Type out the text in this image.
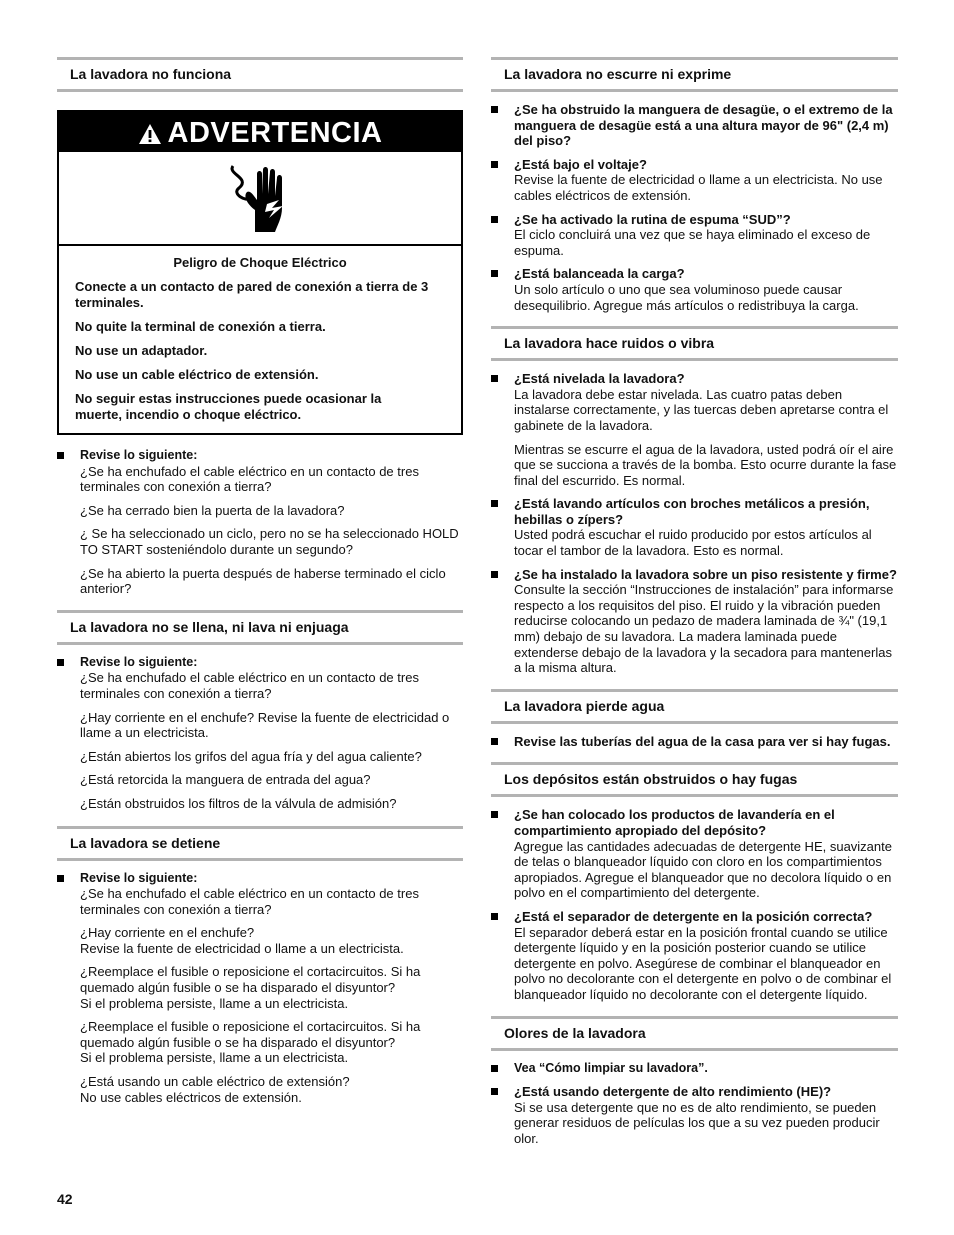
La lavadora no funciona
ADVERTENCIA

Peligro de Choque Eléctrico

Conecte a un contacto de pared de conexión a tierra de 3 terminales.

No quite la terminal de conexión a tierra.

No use un adaptador.

No use un cable eléctrico de extensión.

No seguir estas instrucciones puede ocasionar la muerte, incendio o choque eléctrico.

Revise lo siguiente:

¿Se ha enchufado el cable eléctrico en un contacto de tres terminales con conexión a tierra?

¿Se ha cerrado bien la puerta de la lavadora?

¿ Se ha seleccionado un ciclo, pero no se ha seleccionado HOLD TO START sosteniéndolo durante un segundo?

¿Se ha abierto la puerta después de haberse terminado el ciclo anterior?

La lavadora no se llena, ni lava ni enjuaga

Revise lo siguiente:

¿Se ha enchufado el cable eléctrico en un contacto de tres terminales con conexión a tierra?

¿Hay corriente en el enchufe? Revise la fuente de electricidad o llame a un electricista.

¿Están abiertos los grifos del agua fría y del agua caliente?

¿Está retorcida la manguera de entrada del agua?

¿Están obstruidos los filtros de la válvula de admisión?

La lavadora se detiene

Revise lo siguiente:

¿Se ha enchufado el cable eléctrico en un contacto de tres terminales con conexión a tierra?

¿Hay corriente en el enchufe?
Revise la fuente de electricidad o llame a un electricista.

¿Reemplace el fusible o reposicione el cortacircuitos. Si ha quemado algún fusible o se ha disparado el disyuntor?
Si el problema persiste, llame a un electricista.

¿Reemplace el fusible o reposicione el cortacircuitos. Si ha quemado algún fusible o se ha disparado el disyuntor?
Si el problema persiste, llame a un electricista.

¿Está usando un cable eléctrico de extensión?
No use cables eléctricos de extensión.

La lavadora no escurre ni exprime

¿Se ha obstruido la manguera de desagüe, o el extremo de la manguera de desagüe está a una altura mayor de 96" (2,4 m) del piso?

¿Está bajo el voltaje?

Revise la fuente de electricidad o llame a un electricista. No use cables eléctricos de extensión.

¿Se ha activado la rutina de espuma “SUD”?

El ciclo concluirá una vez que se haya eliminado el exceso de espuma.

¿Está balanceada la carga?

Un solo artículo o uno que sea voluminoso puede causar desequilibrio. Agregue más artículos o redistribuya la carga.

La lavadora hace ruidos o vibra

¿Está nivelada la lavadora?

La lavadora debe estar nivelada. Las cuatro patas deben instalarse correctamente, y las tuercas deben apretarse contra el gabinete de la lavadora.

Mientras se escurre el agua de la lavadora, usted podrá oír el aire que se succiona a través de la bomba. Esto ocurre durante la fase final del escurrido. Es normal.

¿Está lavando artículos con broches metálicos a presión, hebillas o zípers?

Usted podrá escuchar el ruido producido por estos artículos al tocar el tambor de la lavadora. Esto es normal.

¿Se ha instalado la lavadora sobre un piso resistente y firme?

Consulte la sección “Instrucciones de instalación” para informarse respecto a los requisitos del piso. El ruido y la vibración pueden reducirse colocando un pedazo de madera laminada de ¾" (19,1 mm) debajo de su lavadora. La madera laminada puede extenderse debajo de la lavadora y la secadora para mantenerlas a la misma altura.

La lavadora pierde agua

Revise las tuberías del agua de la casa para ver si hay fugas.

Los depósitos están obstruidos o hay fugas

¿Se han colocado los productos de lavandería en el compartimiento apropiado del depósito?

Agregue las cantidades adecuadas de detergente HE, suavizante de telas o blanqueador líquido con cloro en los compartimientos apropiados. Agregue el blanqueador que no decolora líquido o en polvo en el compartimiento del detergente.

¿Está el separador de detergente en la posición correcta?

El separador deberá estar en la posición frontal cuando se utilice detergente líquido y en la posición posterior cuando se utilice detergente en polvo. Asegúrese de combinar el blanqueador en polvo no decolorante con el detergente en polvo o de combinar el blanqueador líquido no decolorante con el detergente líquido.

Olores de la lavadora

Vea “Cómo limpiar su lavadora”.

¿Está usando detergente de alto rendimiento (HE)?

Si se usa detergente que no es de alto rendimiento, se pueden generar residuos de películas los que a su vez pueden producir olor.

42
